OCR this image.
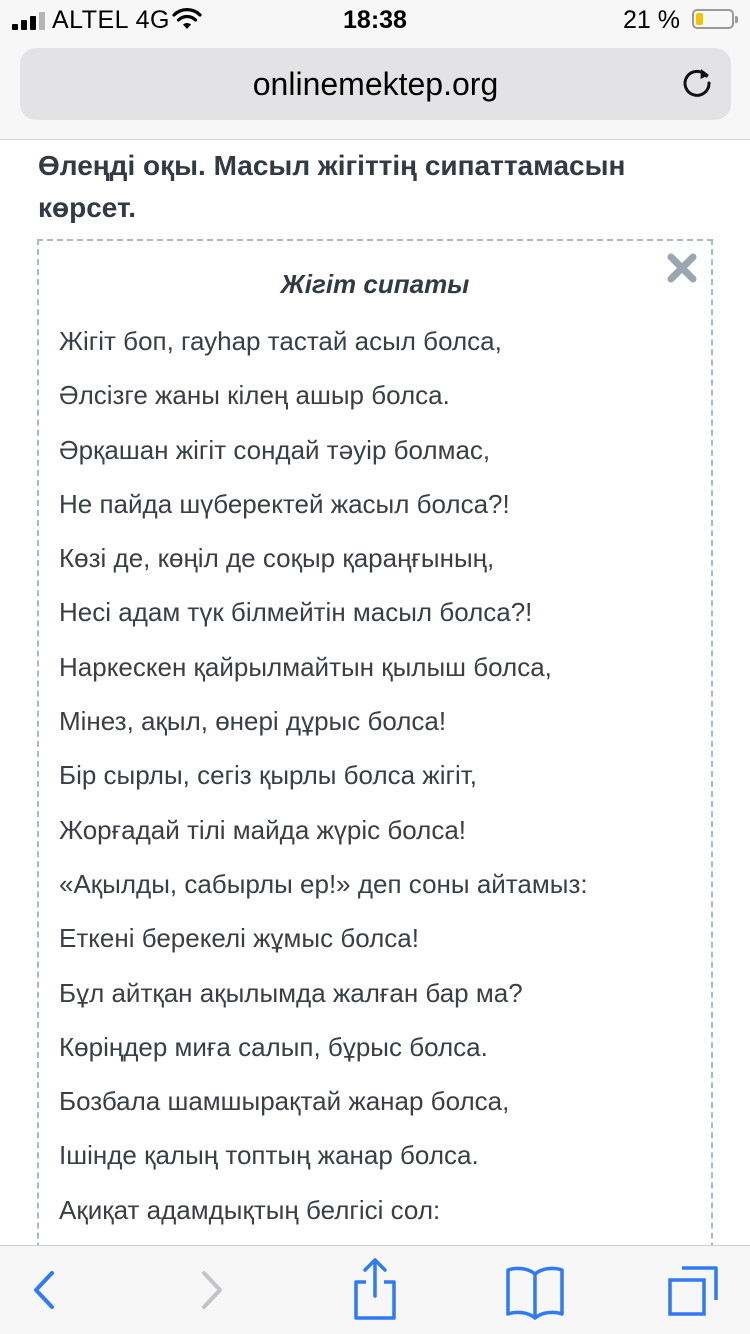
ALTEL 4G	18:38	21 %
onlinemektep.org
Өлеңді оқы. Масыл жігіттің сипаттамасын көрсет.
Жігіт сипаты
Жігіт боп, гауһар тастай асыл болса,
Әлсізге жаны кілең ашыр болса.
Әрқашан жігіт сондай тәуір болмас,
Не пайда шүберектей жасыл болса?!
Көзі де, көңіл де соқыр қараңғының,
Несі адам түк білмейтін масыл болса?!
Наркескен қайрылмайтын қылыш болса,
Мінез, ақыл, өнері дұрыс болса!
Бір сырлы, сегіз қырлы болса жігіт,
Жорғадай тілі майда жүріс болса!
«Ақылды, сабырлы ер!» деп соны айтамыз:
Еткені берекелі жұмыс болса!
Бұл айтқан ақылымда жалған бар ма?
Көріңдер миға салып, бұрыс болса.
Бозбала шамшырақтай жанар болса,
Ішінде қалың топтың жанар болса.
Ақиқат адамдықтың белгісі сол:
